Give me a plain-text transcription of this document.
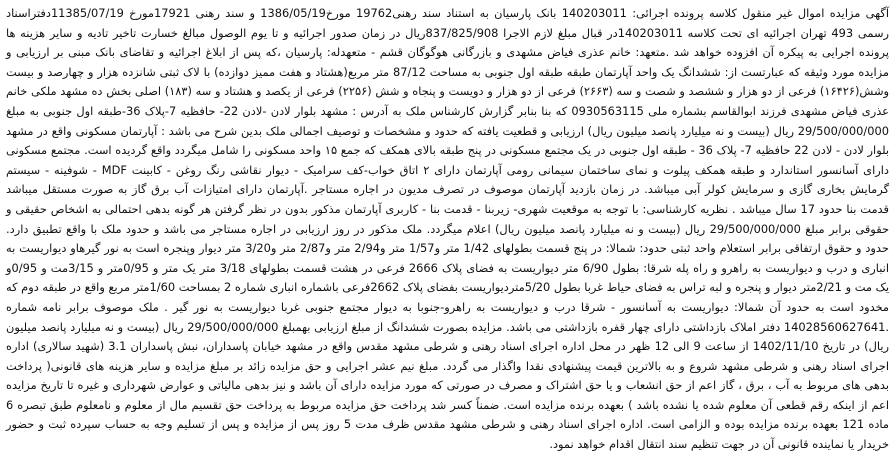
آگهی مزایده اموال غیر منقول کلاسه پرونده اجرائی: 140203011 بانک پارسیان به استناد سند رهنی19762 مورخ1386/05/19 و سند رهنی 17921مورخ 11385/07/19دفتراسناد رسمی 493 تهران اجرائیه ای تحت کلاسه 140203011در قبال مبلغ لازم الاجرا 837/825/908ریال در زمان صدور اجرائیه و تا یوم الوصول مبالغ خسارت تاخیر تادیه و سایر هزینه ها پرونده اجرایی به پیکره آن افزوده خواهد شد .متعهد: خانم عذری فیاض مشهدی و بازرگانی هوگوگان قشم - متعهدله: پارسیان ،که پس از ابلاغ اجرائیه و تقاضای بانک مبنی بر ارزیابی و مزایده مورد وثیقه که عبارتست از: ششدانگ یک واحد آپارتمان طبقه طبقه اول جنوبی به مساحت 87/12 متر مربع(هشتاد و هفت ممیز دوازده) با لاک ثبتی شانزده هزار و چهارصد و بیست وشش(۱۶۴۲۶) فرعی از دو هزار و ششصد و شصت و سه (۲۶۶۳) فرعی از دو هزار و دویست و پنجاه و شش (۲۲۵۶) فرعی از یکصد و هشتاد و سه (۱۸۳) اصلی بخش ده مشهد ملکی خانم عذری فیاض مشهدی فرزند ابوالقاسم بشماره ملی 0930563115 که بنا بنابر گزارش کارشناس ملک به آدرس : مشهد بلوار لادن -لادن 22- حافظیه 7-پلاک 36-طبقه اول جنوبی به مبلغ 29/500/000/000 ریال (بیست و نه میلیارد پانصد میلیون ریال) ارزیابی و قطعیت یافته که حدود و مشخصات و توصیف اجمالی ملک بدین شرح می باشد : آپارتمان مسکونی واقع در مشهد بلوار لادن - لادن 22 حافظیه 7- پلاک 36 - طبقه اول جنوبی در یک مجتمع مسکونی در پنج طبقه بالای همکف که جمع ۱۵ واحد مسکونی را شامل میگردد واقع گردیده است. مجتمع مسکونی دارای آسانسور استاندارد و طبقه همکف پیلوت و نمای ساختمان سیمانی رومی آپارتمان دارای ۲ اتاق خواب-کف سرامیک - دیوار نقاشی رنگ روغن - کابینت MDF - شوفینه - سیستم گرمایش بخاری گازی و سرمایش کولر آبی میباشد. در زمان بازدید آپارتمان موصوف در تصرف مدیون در اجاره مستاجر .آپارتمان دارای امتیازات آب برق گاز به صورت مستقل میباشد قدمت بنا حدود 17 سال میباشد . نظریه کارشناسی: با توجه به موقعیت شهری- زیربنا - قدمت بنا - کاربری آپارتمان مذکور بدون در نظر گرفتن هر گونه بدهی احتمالی به اشخاص حقیقی و حقوقی برابر مبلغ 29/500/000/000 ریال (بیست و نه میلیارد پانصد میلیون ریال) اعلام میگردد. ملک مذکور در روز ارزیابی در اجاره مستاجر می باشد و حدود ملک با واقع تطبیق دارد. حدود و حقوق ارتفاقی برابر استعلام واحد ثبتی حدود: شمالا: در پنج قسمت بطولهای 1/42 متر و1/57 متر و2/94 متر و2/87 متر و3/20 متر دیوار وپنجره است به نور گیرهاو دیواریست به انباری و درب و دیواریست به راهرو و راه پله شرقا: بطول 6/90 متر دیواریست به فضای پلاک 2666 فرعی در هشت قسمت بطولهای 3/18 متر یک متر و 0/95متر و 3/15مت و 0/95و یک مت و 2/21متر دیوار و پنجره و لبه تراس به فضای حیاط غربا بطول 5/20متردیواریست بفضای پلاک 2662فرعی باشماره انباری شماره 2 بمساحت 1/60متر مربع واقع در طبقه دوم که مخدود است به حدود آن شمالا: دیواریست به آسانسور - شرقا درب و دیواریست به راهرو-جنوبا به دیوار مجتمع جنوبی غربا دیواریست به نور گیر . ملک موصوف برابر نامه شماره .14028560627641 دفتر املاک بازداشتی دارای چهار قفره بازداشتی می باشد. مزایده بصورت ششدانگ از مبلغ ارزیابی بهمبلغ 29/500/000/000 ریال (بیست و نه میلیارد پانصد میلیون ریال) در تاریخ 1402/11/10 از ساعت 9 الی 12 ظهر در محل اداره اجرای اسناد رهنی و شرطی مشهد مقدس واقع در مشهد خیابان پاسداران، نبش پاسداران 3.1 (شهید سالاری) اداره اجرای اسناد رهنی و شرطی مشهد شروع و به بالاترین قیمت پیشنهادی نقدا واگذار می گردد. مبلغ نیم عشر اجرایی و حق مزایده زائد بر مبلغ مزایده و سایر هزینه های قانونی( پرداخت بدهی های مربوط به آب ، برق ، گاز اعم از حق انشعاب و یا حق اشتراک و مصرف در صورتی که مورد مزایده دارای آن باشد و نیز بدهی مالیاتی و عوارض شهرداری و غیره تا تاریخ مزایده اعم از اینکه رقم قطعی آن معلوم شده یا نشده باشد ) بعهده برنده مزایده است. ضمناً کسر شد پرداخت حق مزایده مربوط به پرداخت حق تقسیم مال از معلوم و نامعلوم طبق تبصره 6 ماده 121 بعهده برنده مزایده بوده و الزامی است. اداره اجرای اسناد رهنی و شرطی مشهد مقدس ظرف مدت 5 روز پس از مزایده و پس از تسلیم وجه به حساب سپرده ثبت و حضور خریدار یا نماینده قانونی آن در جهت تنظیم سند انتقال اقدام خواهد نمود.
